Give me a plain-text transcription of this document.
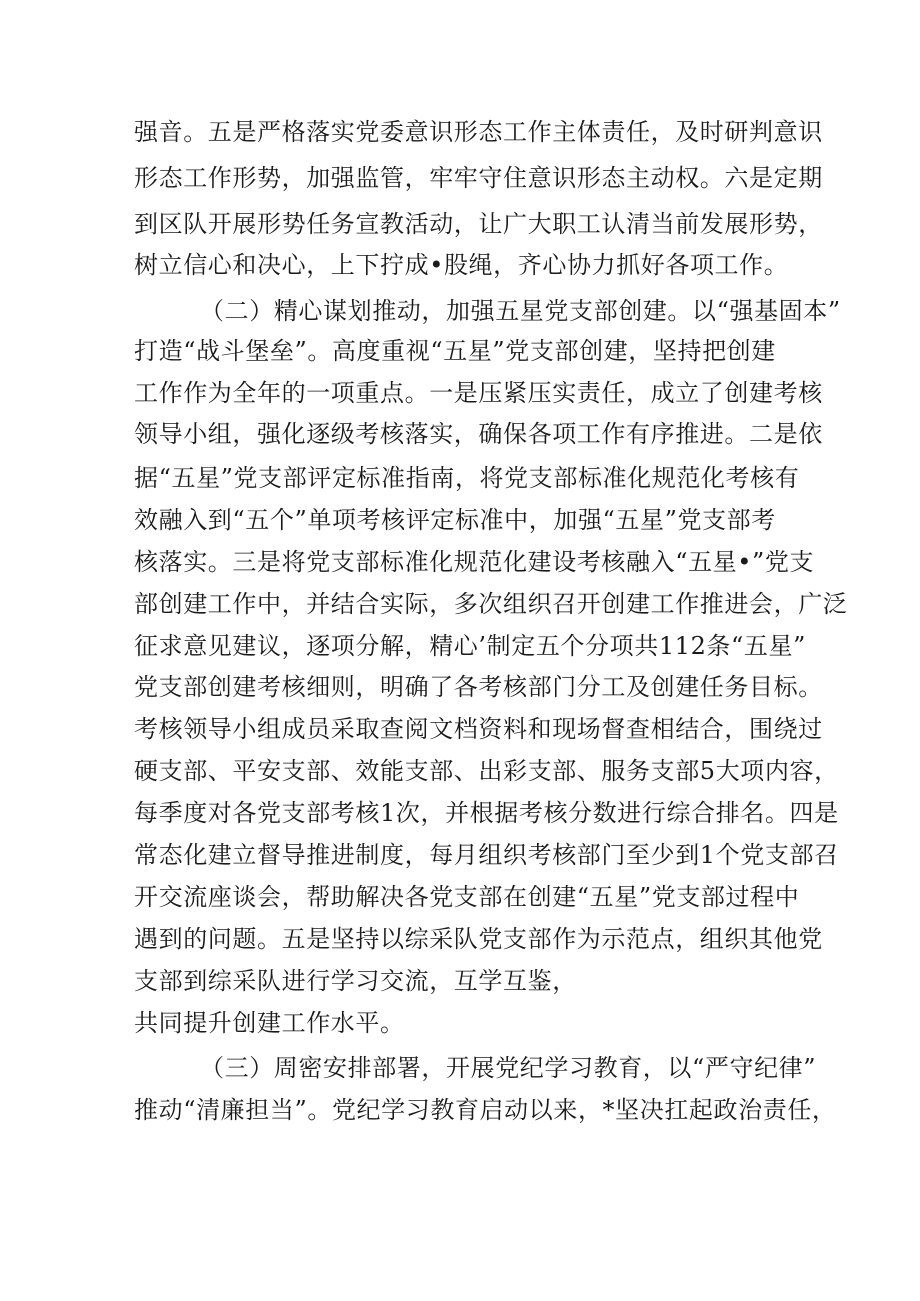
强音。五是严格落实党委意识形态工作主体责任，及时研判意识
形态工作形势，加强监管，牢牢守住意识形态主动权。六是定期
到区队开展形势任务宣教活动，让广大职工认清当前发展形势，
树立信心和决心，上下拧成•股绳，齐心协力抓好各项工作。
（二）精心谋划推动，加强五星党支部创建。以“强基固本”
打造“战斗堡垒”。高度重视“五星”党支部创建，坚持把创建
工作作为全年的一项重点。一是压紧压实责任，成立了创建考核
领导小组，强化逐级考核落实，确保各项工作有序推进。二是依
据“五星”党支部评定标准指南，将党支部标准化规范化考核有
效融入到“五个”单项考核评定标准中，加强“五星”党支部考
核落实。三是将党支部标准化规范化建设考核融入“五星•”党支
部创建工作中，并结合实际，多次组织召开创建工作推进会，广泛
征求意见建议，逐项分解，精心’制定五个分项共112条“五星”
党支部创建考核细则，明确了各考核部门分工及创建任务目标。
考核领导小组成员采取查阅文档资料和现场督查相结合，围绕过
硬支部、平安支部、效能支部、出彩支部、服务支部5大项内容，
每季度对各党支部考核1次，并根据考核分数进行综合排名。四是
常态化建立督导推进制度，每月组织考核部门至少到1个党支部召
开交流座谈会，帮助解决各党支部在创建“五星”党支部过程中
遇到的问题。五是坚持以综采队党支部作为示范点，组织其他党
支部到综采队进行学习交流，互学互鉴，
共同提升创建工作水平。
（三）周密安排部署，开展党纪学习教育，以“严守纪律”
推动“清廉担当”。党纪学习教育启动以来，*坚决扛起政治责任，
